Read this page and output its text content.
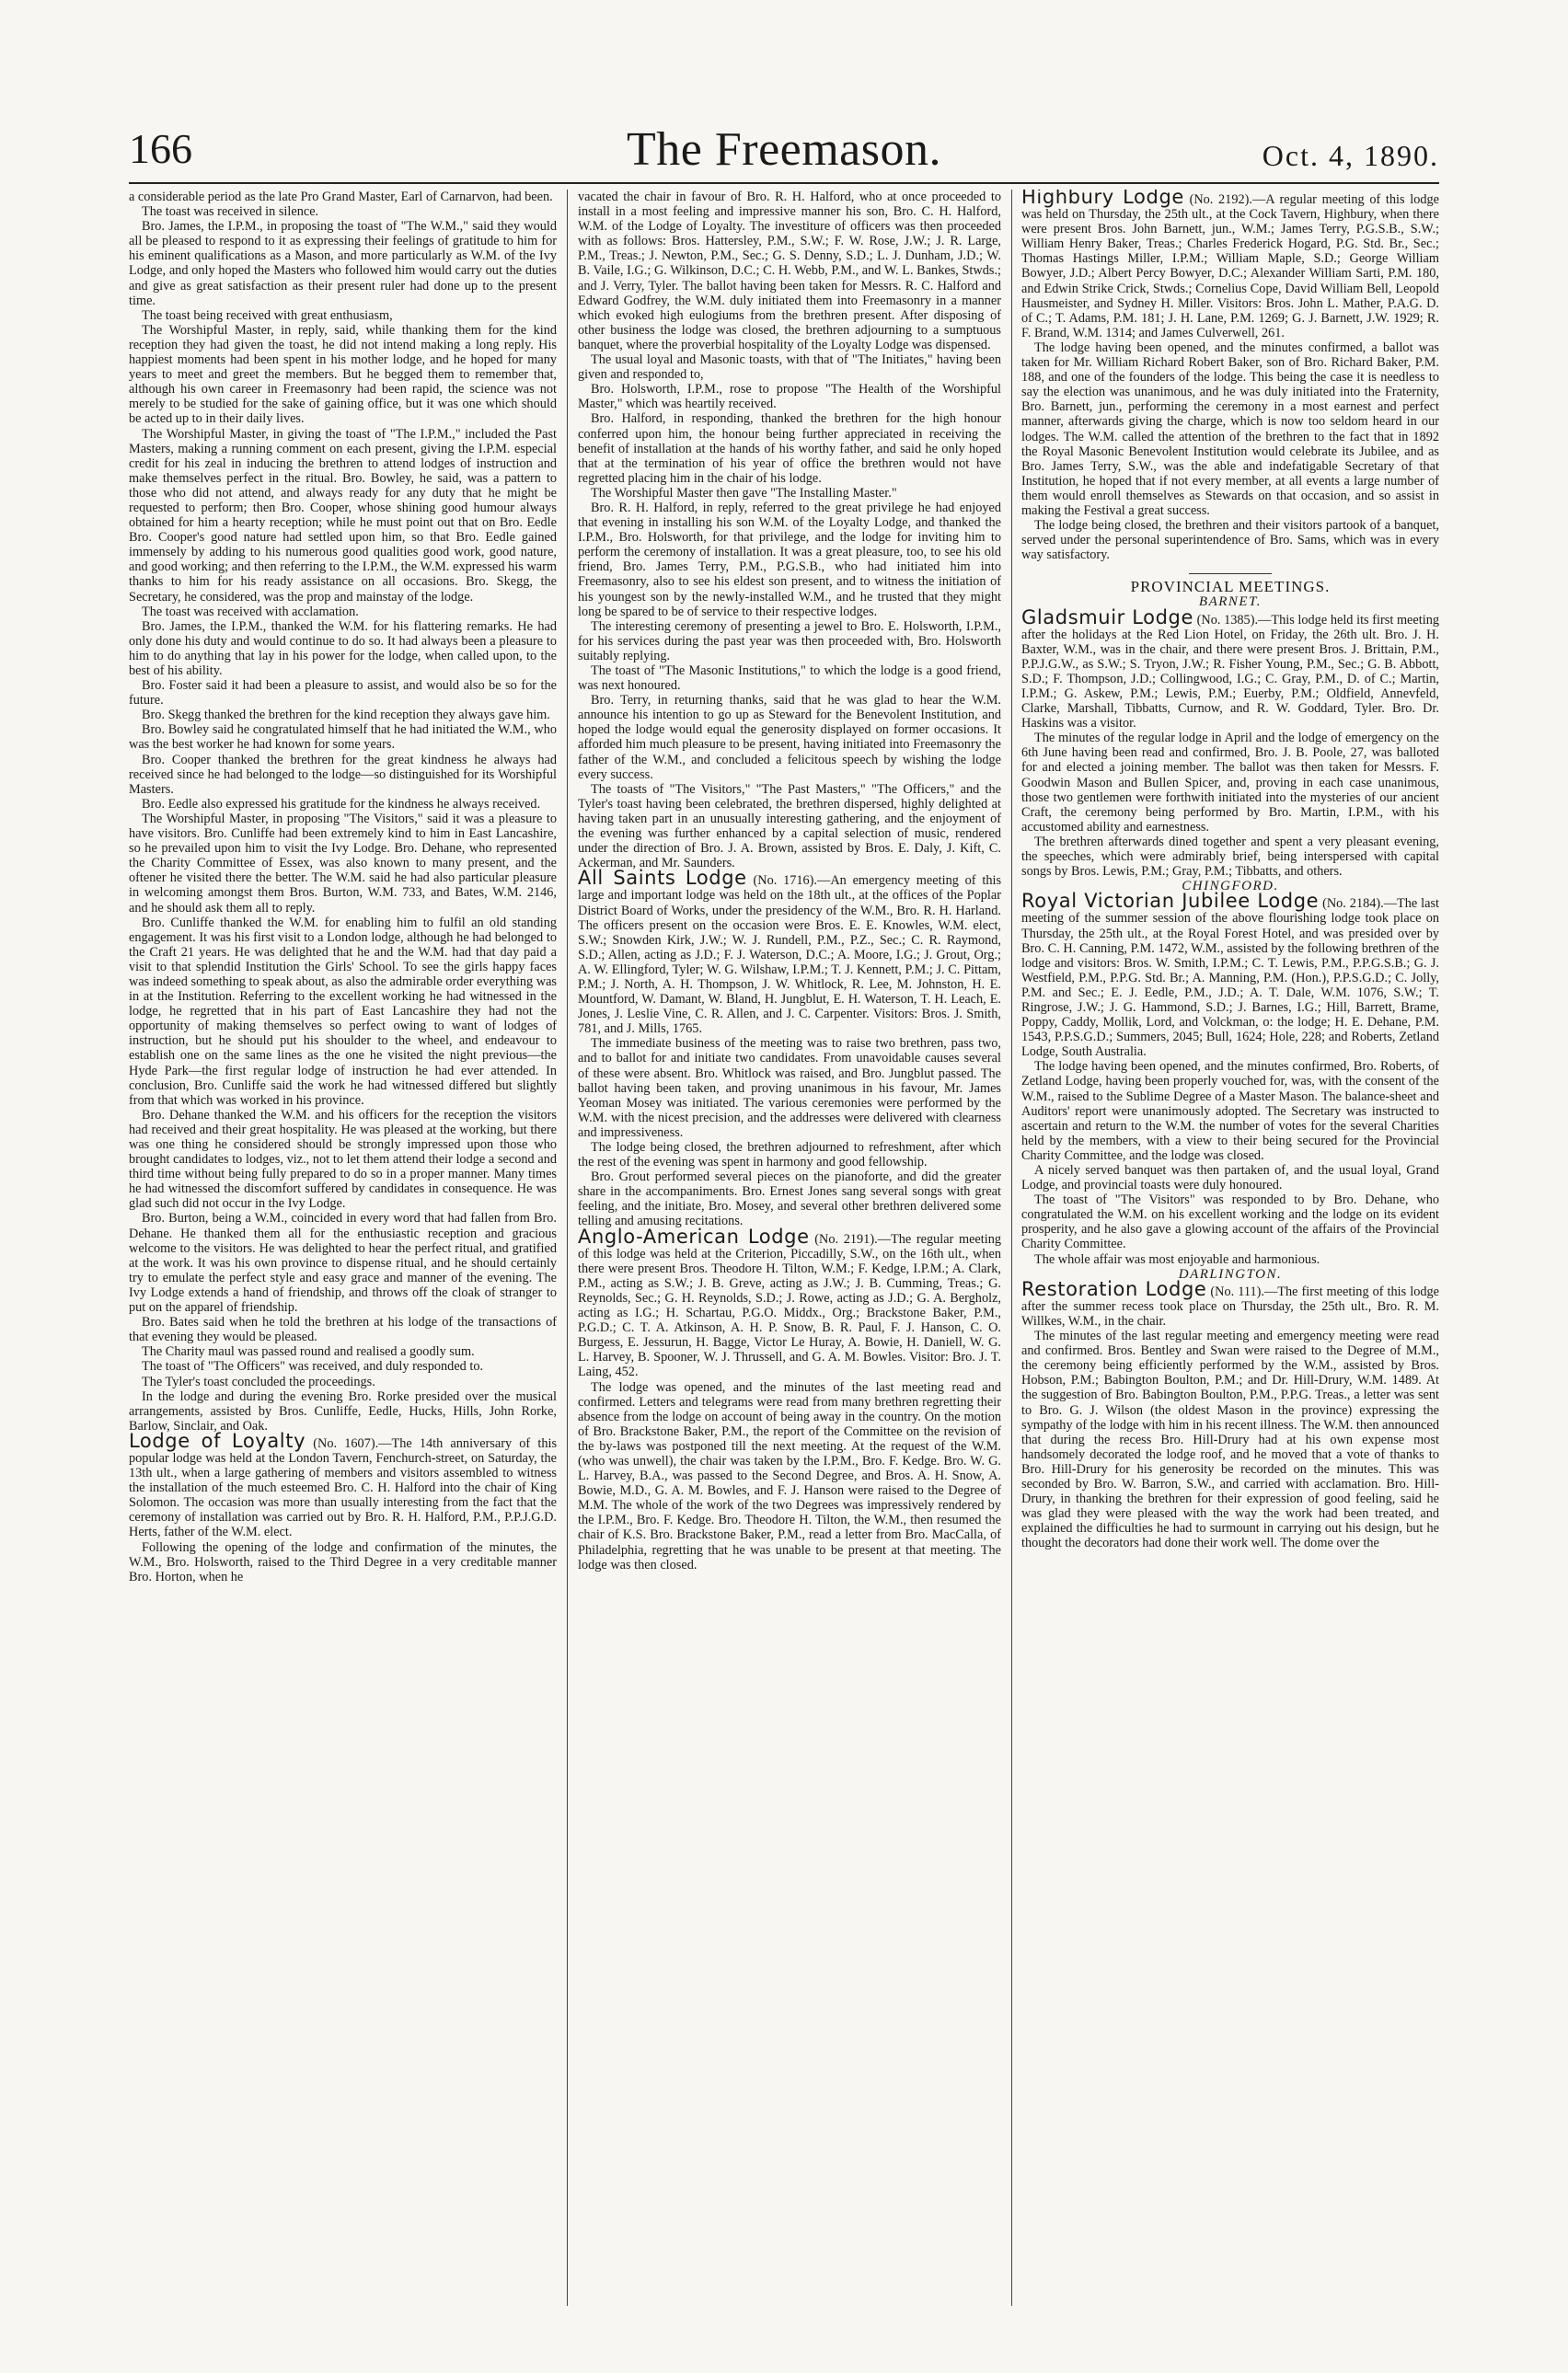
166	The Freemason.	Oct. 4, 1890.

a considerable period as the late Pro Grand Master, Earl of Carnarvon, had been.

The toast was received in silence.

Bro. James, the I.P.M., in proposing the toast of "The W.M.," said they would all be pleased to respond to it as expressing their feelings of gratitude to him for his eminent qualifications as a Mason, and more particularly as W.M. of the Ivy Lodge, and only hoped the Masters who followed him would carry out the duties and give as great satisfaction as their present ruler had done up to the present time.

The toast being received with great enthusiasm,

The Worshipful Master, in reply, said, while thanking them for the kind reception they had given the toast, he did not intend making a long reply. His happiest moments had been spent in his mother lodge, and he hoped for many years to meet and greet the members. But he begged them to remember that, although his own career in Freemasonry had been rapid, the science was not merely to be studied for the sake of gaining office, but it was one which should be acted up to in their daily lives.

The Worshipful Master, in giving the toast of "The I.P.M.," included the Past Masters, making a running comment on each present, giving the I.P.M. especial credit for his zeal in inducing the brethren to attend lodges of instruction and make themselves perfect in the ritual. Bro. Bowley, he said, was a pattern to those who did not attend, and always ready for any duty that he might be requested to perform; then Bro. Cooper, whose shining good humour always obtained for him a hearty reception; while he must point out that on Bro. Eedle Bro. Cooper's good nature had settled upon him, so that Bro. Eedle gained immensely by adding to his numerous good qualities good work, good nature, and good working; and then referring to the I.P.M., the W.M. expressed his warm thanks to him for his ready assistance on all occasions. Bro. Skegg, the Secretary, he considered, was the prop and mainstay of the lodge.

The toast was received with acclamation.

Bro. James, the I.P.M., thanked the W.M. for his flattering remarks. He had only done his duty and would continue to do so. It had always been a pleasure to him to do anything that lay in his power for the lodge, when called upon, to the best of his ability.

Bro. Foster said it had been a pleasure to assist, and would also be so for the future.

Bro. Skegg thanked the brethren for the kind reception they always gave him.

Bro. Bowley said he congratulated himself that he had initiated the W.M., who was the best worker he had known for some years.

Bro. Cooper thanked the brethren for the great kindness he always had received since he had belonged to the lodge—so distinguished for its Worshipful Masters.

Bro. Eedle also expressed his gratitude for the kindness he always received.

The Worshipful Master, in proposing "The Visitors," said it was a pleasure to have visitors. Bro. Cunliffe had been extremely kind to him in East Lancashire, so he prevailed upon him to visit the Ivy Lodge. Bro. Dehane, who represented the Charity Committee of Essex, was also known to many present, and the oftener he visited there the better. The W.M. said he had also particular pleasure in welcoming amongst them Bros. Burton, W.M. 733, and Bates, W.M. 2146, and he should ask them all to reply.

Bro. Cunliffe thanked the W.M. for enabling him to fulfil an old standing engagement. It was his first visit to a London lodge, although he had belonged to the Craft 21 years. He was delighted that he and the W.M. had that day paid a visit to that splendid Institution the Girls' School. To see the girls happy faces was indeed something to speak about, as also the admirable order everything was in at the Institution. Referring to the excellent working he had witnessed in the lodge, he regretted that in his part of East Lancashire they had not the opportunity of making themselves so perfect owing to want of lodges of instruction, but he should put his shoulder to the wheel, and endeavour to establish one on the same lines as the one he visited the night previous—the Hyde Park—the first regular lodge of instruction he had ever attended. In conclusion, Bro. Cunliffe said the work he had witnessed differed but slightly from that which was worked in his province.

Bro. Dehane thanked the W.M. and his officers for the reception the visitors had received and their great hospitality. He was pleased at the working, but there was one thing he considered should be strongly impressed upon those who brought candidates to lodges, viz., not to let them attend their lodge a second and third time without being fully prepared to do so in a proper manner. Many times he had witnessed the discomfort suffered by candidates in consequence. He was glad such did not occur in the Ivy Lodge.

Bro. Burton, being a W.M., coincided in every word that had fallen from Bro. Dehane. He thanked them all for the enthusiastic reception and gracious welcome to the visitors. He was delighted to hear the perfect ritual, and gratified at the work. It was his own province to dispense ritual, and he should certainly try to emulate the perfect style and easy grace and manner of the evening. The Ivy Lodge extends a hand of friendship, and throws off the cloak of stranger to put on the apparel of friendship.

Bro. Bates said when he told the brethren at his lodge of the transactions of that evening they would be pleased.

The Charity maul was passed round and realised a goodly sum.

The toast of "The Officers" was received, and duly responded to.

The Tyler's toast concluded the proceedings.

In the lodge and during the evening Bro. Rorke presided over the musical arrangements, assisted by Bros. Cunliffe, Eedle, Hucks, Hills, John Rorke, Barlow, Sinclair, and Oak.

Lodge of Loyalty (No. 1607).—The 14th anniversary of this popular lodge was held at the London Tavern, Fenchurch-street, on Saturday, the 13th ult., when a large gathering of members and visitors assembled to witness the installation of the much esteemed Bro. C. H. Halford into the chair of King Solomon. The occasion was more than usually interesting from the fact that the ceremony of installation was carried out by Bro. R. H. Halford, P.M., P.P.J.G.D. Herts, father of the W.M. elect.

Following the opening of the lodge and confirmation of the minutes, the W.M., Bro. Holsworth, raised to the Third Degree in a very creditable manner Bro. Horton, when he

vacated the chair in favour of Bro. R. H. Halford, who at once proceeded to install in a most feeling and impressive manner his son, Bro. C. H. Halford, W.M. of the Lodge of Loyalty. The investiture of officers was then proceeded with as follows: Bros. Hattersley, P.M., S.W.; F. W. Rose, J.W.; J. R. Large, P.M., Treas.; J. Newton, P.M., Sec.; G. S. Denny, S.D.; L. J. Dunham, J.D.; W. B. Vaile, I.G.; G. Wilkinson, D.C.; C. H. Webb, P.M., and W. L. Bankes, Stwds.; and J. Verry, Tyler. The ballot having been taken for Messrs. R. C. Halford and Edward Godfrey, the W.M. duly initiated them into Freemasonry in a manner which evoked high eulogiums from the brethren present. After disposing of other business the lodge was closed, the brethren adjourning to a sumptuous banquet, where the proverbial hospitality of the Loyalty Lodge was dispensed.

The usual loyal and Masonic toasts, with that of "The Initiates," having been given and responded to,

Bro. Holsworth, I.P.M., rose to propose "The Health of the Worshipful Master," which was heartily received.

Bro. Halford, in responding, thanked the brethren for the high honour conferred upon him, the honour being further appreciated in receiving the benefit of installation at the hands of his worthy father, and said he only hoped that at the termination of his year of office the brethren would not have regretted placing him in the chair of his lodge.

The Worshipful Master then gave "The Installing Master."

Bro. R. H. Halford, in reply, referred to the great privilege he had enjoyed that evening in installing his son W.M. of the Loyalty Lodge, and thanked the I.P.M., Bro. Holsworth, for that privilege, and the lodge for inviting him to perform the ceremony of installation. It was a great pleasure, too, to see his old friend, Bro. James Terry, P.M., P.G.S.B., who had initiated him into Freemasonry, also to see his eldest son present, and to witness the initiation of his youngest son by the newly-installed W.M., and he trusted that they might long be spared to be of service to their respective lodges.

The interesting ceremony of presenting a jewel to Bro. E. Holsworth, I.P.M., for his services during the past year was then proceeded with, Bro. Holsworth suitably replying.

The toast of "The Masonic Institutions," to which the lodge is a good friend, was next honoured.

Bro. Terry, in returning thanks, said that he was glad to hear the W.M. announce his intention to go up as Steward for the Benevolent Institution, and hoped the lodge would equal the generosity displayed on former occasions. It afforded him much pleasure to be present, having initiated into Freemasonry the father of the W.M., and concluded a felicitous speech by wishing the lodge every success.

The toasts of "The Visitors," "The Past Masters," "The Officers," and the Tyler's toast having been celebrated, the brethren dispersed, highly delighted at having taken part in an unusually interesting gathering, and the enjoyment of the evening was further enhanced by a capital selection of music, rendered under the direction of Bro. J. A. Brown, assisted by Bros. E. Daly, J. Kift, C. Ackerman, and Mr. Saunders.

All Saints Lodge (No. 1716).—An emergency meeting of this large and important lodge was held on the 18th ult., at the offices of the Poplar District Board of Works, under the presidency of the W.M., Bro. R. H. Harland. The officers present on the occasion were Bros. E. E. Knowles, W.M. elect, S.W.; Snowden Kirk, J.W.; W. J. Rundell, P.M., P.Z., Sec.; C. R. Raymond, S.D.; Allen, acting as J.D.; F. J. Waterson, D.C.; A. Moore, I.G.; J. Grout, Org.; A. W. Ellingford, Tyler; W. G. Wilshaw, I.P.M.; T. J. Kennett, P.M.; J. C. Pittam, P.M.; J. North, A. H. Thompson, J. W. Whitlock, R. Lee, M. Johnston, H. E. Mountford, W. Damant, W. Bland, H. Jungblut, E. H. Waterson, T. H. Leach, E. Jones, J. Leslie Vine, C. R. Allen, and J. C. Carpenter. Visitors: Bros. J. Smith, 781, and J. Mills, 1765.

The immediate business of the meeting was to raise two brethren, pass two, and to ballot for and initiate two candidates. From unavoidable causes several of these were absent. Bro. Whitlock was raised, and Bro. Jungblut passed. The ballot having been taken, and proving unanimous in his favour, Mr. James Yeoman Mosey was initiated. The various ceremonies were performed by the W.M. with the nicest precision, and the addresses were delivered with clearness and impressiveness.

The lodge being closed, the brethren adjourned to refreshment, after which the rest of the evening was spent in harmony and good fellowship.

Bro. Grout performed several pieces on the pianoforte, and did the greater share in the accompaniments. Bro. Ernest Jones sang several songs with great feeling, and the initiate, Bro. Mosey, and several other brethren delivered some telling and amusing recitations.

Anglo-American Lodge (No. 2191).—The regular meeting of this lodge was held at the Criterion, Piccadilly, S.W., on the 16th ult., when there were present Bros. Theodore H. Tilton, W.M.; F. Kedge, I.P.M.; A. Clark, P.M., acting as S.W.; J. B. Greve, acting as J.W.; J. B. Cumming, Treas.; G. Reynolds, Sec.; G. H. Reynolds, S.D.; J. Rowe, acting as J.D.; G. A. Bergholz, acting as I.G.; H. Schartau, P.G.O. Middx., Org.; Brackstone Baker, P.M., P.G.D.; C. T. A. Atkinson, A. H. P. Snow, B. R. Paul, F. J. Hanson, C. O. Burgess, E. Jessurun, H. Bagge, Victor Le Huray, A. Bowie, H. Daniell, W. G. L. Harvey, B. Spooner, W. J. Thrussell, and G. A. M. Bowles. Visitor: Bro. J. T. Laing, 452.

The lodge was opened, and the minutes of the last meeting read and confirmed. Letters and telegrams were read from many brethren regretting their absence from the lodge on account of being away in the country. On the motion of Bro. Brackstone Baker, P.M., the report of the Committee on the revision of the by-laws was postponed till the next meeting. At the request of the W.M. (who was unwell), the chair was taken by the I.P.M., Bro. F. Kedge. Bro. W. G. L. Harvey, B.A., was passed to the Second Degree, and Bros. A. H. Snow, A. Bowie, M.D., G. A. M. Bowles, and F. J. Hanson were raised to the Degree of M.M. The whole of the work of the two Degrees was impressively rendered by the I.P.M., Bro. F. Kedge. Bro. Theodore H. Tilton, the W.M., then resumed the chair of K.S. Bro. Brackstone Baker, P.M., read a letter from Bro. MacCalla, of Philadelphia, regretting that he was unable to be present at that meeting. The lodge was then closed.

Highbury Lodge (No. 2192).—A regular meeting of this lodge was held on Thursday, the 25th ult., at the Cock Tavern, Highbury, when there were present Bros. John Barnett, jun., W.M.; James Terry, P.G.S.B., S.W.; William Henry Baker, Treas.; Charles Frederick Hogard, P.G. Std. Br., Sec.; Thomas Hastings Miller, I.P.M.; William Maple, S.D.; George William Bowyer, J.D.; Albert Percy Bowyer, D.C.; Alexander William Sarti, P.M. 180, and Edwin Strike Crick, Stwds.; Cornelius Cope, David William Bell, Leopold Hausmeister, and Sydney H. Miller. Visitors: Bros. John L. Mather, P.A.G. D. of C.; T. Adams, P.M. 181; J. H. Lane, P.M. 1269; G. J. Barnett, J.W. 1929; R. F. Brand, W.M. 1314; and James Culverwell, 261.

The lodge having been opened, and the minutes confirmed, a ballot was taken for Mr. William Richard Robert Baker, son of Bro. Richard Baker, P.M. 188, and one of the founders of the lodge. This being the case it is needless to say the election was unanimous, and he was duly initiated into the Fraternity, Bro. Barnett, jun., performing the ceremony in a most earnest and perfect manner, afterwards giving the charge, which is now too seldom heard in our lodges. The W.M. called the attention of the brethren to the fact that in 1892 the Royal Masonic Benevolent Institution would celebrate its Jubilee, and as Bro. James Terry, S.W., was the able and indefatigable Secretary of that Institution, he hoped that if not every member, at all events a large number of them would enroll themselves as Stewards on that occasion, and so assist in making the Festival a great success.

The lodge being closed, the brethren and their visitors partook of a banquet, served under the personal superintendence of Bro. Sams, which was in every way satisfactory.

PROVINCIAL MEETINGS.

BARNET.

Gladsmuir Lodge (No. 1385).—This lodge held its first meeting after the holidays at the Red Lion Hotel, on Friday, the 26th ult. Bro. J. H. Baxter, W.M., was in the chair, and there were present Bros. J. Brittain, P.M., P.P.J.G.W., as S.W.; S. Tryon, J.W.; R. Fisher Young, P.M., Sec.; G. B. Abbott, S.D.; F. Thompson, J.D.; Collingwood, I.G.; C. Gray, P.M., D. of C.; Martin, I.P.M.; G. Askew, P.M.; Lewis, P.M.; Euerby, P.M.; Oldfield, Annevfeld, Clarke, Marshall, Tibbatts, Curnow, and R. W. Goddard, Tyler. Bro. Dr. Haskins was a visitor.

The minutes of the regular lodge in April and the lodge of emergency on the 6th June having been read and confirmed, Bro. J. B. Poole, 27, was balloted for and elected a joining member. The ballot was then taken for Messrs. F. Goodwin Mason and Bullen Spicer, and, proving in each case unanimous, those two gentlemen were forthwith initiated into the mysteries of our ancient Craft, the ceremony being performed by Bro. Martin, I.P.M., with his accustomed ability and earnestness.

The brethren afterwards dined together and spent a very pleasant evening, the speeches, which were admirably brief, being interspersed with capital songs by Bros. Lewis, P.M.; Gray, P.M.; Tibbatts, and others.

CHINGFORD.

Royal Victorian Jubilee Lodge (No. 2184).—The last meeting of the summer session of the above flourishing lodge took place on Thursday, the 25th ult., at the Royal Forest Hotel, and was presided over by Bro. C. H. Canning, P.M. 1472, W.M., assisted by the following brethren of the lodge and visitors: Bros. W. Smith, I.P.M.; C. T. Lewis, P.M., P.P.G.S.B.; G. J. Westfield, P.M., P.P.G. Std. Br.; A. Manning, P.M. (Hon.), P.P.S.G.D.; C. Jolly, P.M. and Sec.; E. J. Eedle, P.M., J.D.; A. T. Dale, W.M. 1076, S.W.; T. Ringrose, J.W.; J. G. Hammond, S.D.; J. Barnes, I.G.; Hill, Barrett, Brame, Poppy, Caddy, Mollik, Lord, and Volckman, o: the lodge; H. E. Dehane, P.M. 1543, P.P.S.G.D.; Summers, 2045; Bull, 1624; Hole, 228; and Roberts, Zetland Lodge, South Australia.

The lodge having been opened, and the minutes confirmed, Bro. Roberts, of Zetland Lodge, having been properly vouched for, was, with the consent of the W.M., raised to the Sublime Degree of a Master Mason. The balance-sheet and Auditors' report were unanimously adopted. The Secretary was instructed to ascertain and return to the W.M. the number of votes for the several Charities held by the members, with a view to their being secured for the Provincial Charity Committee, and the lodge was closed.

A nicely served banquet was then partaken of, and the usual loyal, Grand Lodge, and provincial toasts were duly honoured.

The toast of "The Visitors" was responded to by Bro. Dehane, who congratulated the W.M. on his excellent working and the lodge on its evident prosperity, and he also gave a glowing account of the affairs of the Provincial Charity Committee.

The whole affair was most enjoyable and harmonious.

DARLINGTON.

Restoration Lodge (No. 111).—The first meeting of this lodge after the summer recess took place on Thursday, the 25th ult., Bro. R. M. Willkes, W.M., in the chair.

The minutes of the last regular meeting and emergency meeting were read and confirmed. Bros. Bentley and Swan were raised to the Degree of M.M., the ceremony being efficiently performed by the W.M., assisted by Bros. Hobson, P.M.; Babington Boulton, P.M.; and Dr. Hill-Drury, W.M. 1489. At the suggestion of Bro. Babington Boulton, P.M., P.P.G. Treas., a letter was sent to Bro. G. J. Wilson (the oldest Mason in the province) expressing the sympathy of the lodge with him in his recent illness. The W.M. then announced that during the recess Bro. Hill-Drury had at his own expense most handsomely decorated the lodge roof, and he moved that a vote of thanks to Bro. Hill-Drury for his generosity be recorded on the minutes. This was seconded by Bro. W. Barron, S.W., and carried with acclamation. Bro. Hill-Drury, in thanking the brethren for their expression of good feeling, said he was glad they were pleased with the way the work had been treated, and explained the difficulties he had to surmount in carrying out his design, but he thought the decorators had done their work well. The dome over the
